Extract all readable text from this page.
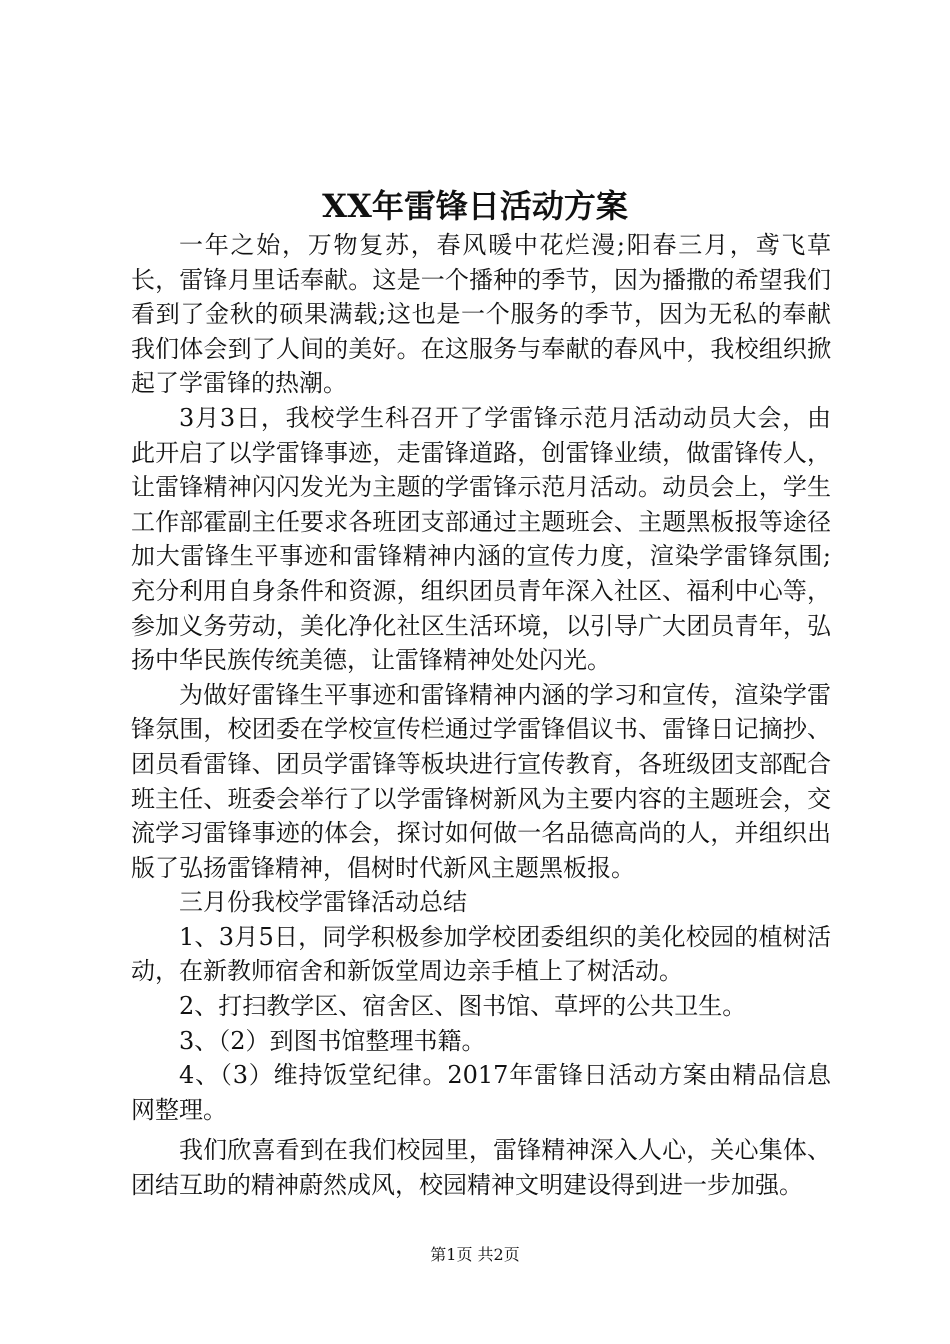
XX年雷锋日活动方案

一年之始，万物复苏，春风暖中花烂漫;阳春三月，鸢飞草长，雷锋月里话奉献。这是一个播种的季节，因为播撒的希望我们看到了金秋的硕果满载;这也是一个服务的季节，因为无私的奉献我们体会到了人间的美好。在这服务与奉献的春风中，我校组织掀起了学雷锋的热潮。

3月3日，我校学生科召开了学雷锋示范月活动动员大会，由此开启了以学雷锋事迹，走雷锋道路，创雷锋业绩，做雷锋传人，让雷锋精神闪闪发光为主题的学雷锋示范月活动。动员会上，学生工作部霍副主任要求各班团支部通过主题班会、主题黑板报等途径加大雷锋生平事迹和雷锋精神内涵的宣传力度，渲染学雷锋氛围;充分利用自身条件和资源，组织团员青年深入社区、福利中心等，参加义务劳动，美化净化社区生活环境，以引导广大团员青年，弘扬中华民族传统美德，让雷锋精神处处闪光。

为做好雷锋生平事迹和雷锋精神内涵的学习和宣传，渲染学雷锋氛围，校团委在学校宣传栏通过学雷锋倡议书、雷锋日记摘抄、团员看雷锋、团员学雷锋等板块进行宣传教育，各班级团支部配合班主任、班委会举行了以学雷锋树新风为主要内容的主题班会，交流学习雷锋事迹的体会，探讨如何做一名品德高尚的人，并组织出版了弘扬雷锋精神，倡树时代新风主题黑板报。

三月份我校学雷锋活动总结

1、3月5日，同学积极参加学校团委组织的美化校园的植树活动，在新教师宿舍和新饭堂周边亲手植上了树活动。

2、打扫教学区、宿舍区、图书馆、草坪的公共卫生。

3、（2）到图书馆整理书籍。

4、（3）维持饭堂纪律。2017年雷锋日活动方案由精品信息网整理。

我们欣喜看到在我们校园里，雷锋精神深入人心，关心集体、团结互助的精神蔚然成风，校园精神文明建设得到进一步加强。

第1页 共2页
